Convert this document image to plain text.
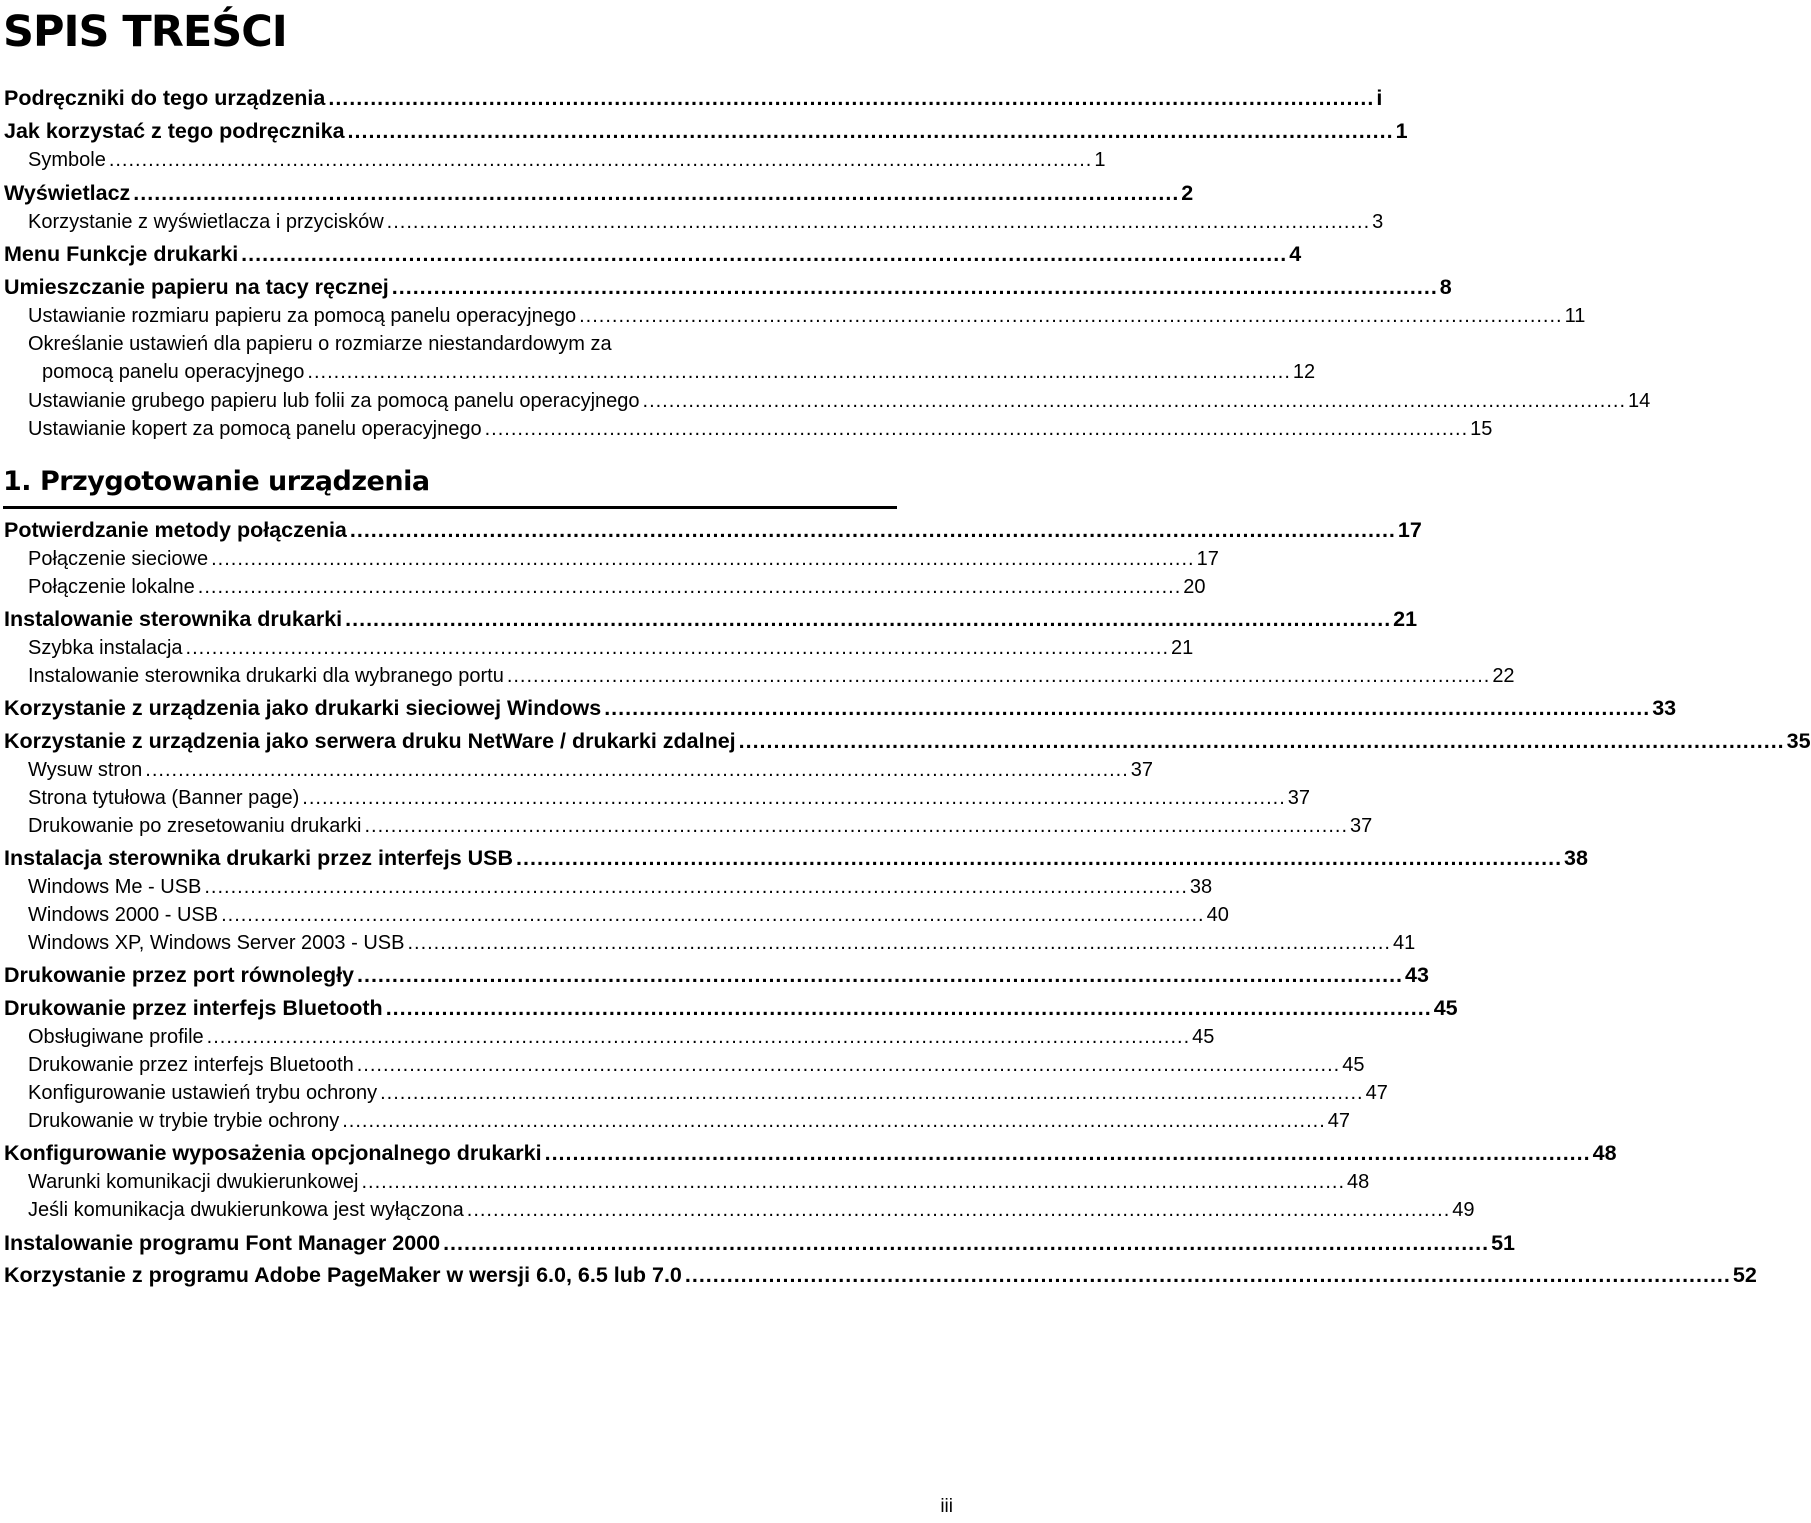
SPIS TREŚCI
Podręczniki do tego urządzenia ...................................................................................................................................................... i
Jak korzystać z tego podręcznika ...................................................................................................................................................... 1
Symbole ...................................................................................................................................................... 1
Wyświetlacz ...................................................................................................................................................... 2
Korzystanie z wyświetlacza i przycisków ...................................................................................................................................................... 3
Menu Funkcje drukarki ...................................................................................................................................................... 4
Umieszczanie papieru na tacy ręcznej ...................................................................................................................................................... 8
Ustawianie rozmiaru papieru za pomocą panelu operacyjnego ...................................................................................................................................................... 11
Określanie ustawień dla papieru o rozmiarze niestandardowym za
pomocą panelu operacyjnego ...................................................................................................................................................... 12
Ustawianie grubego papieru lub folii za pomocą panelu operacyjnego ...................................................................................................................................................... 14
Ustawianie kopert za pomocą panelu operacyjnego ...................................................................................................................................................... 15
1. Przygotowanie urządzenia
Potwierdzanie metody połączenia ...................................................................................................................................................... 17
Połączenie sieciowe ...................................................................................................................................................... 17
Połączenie lokalne ...................................................................................................................................................... 20
Instalowanie sterownika drukarki ...................................................................................................................................................... 21
Szybka instalacja ...................................................................................................................................................... 21
Instalowanie sterownika drukarki dla wybranego portu ...................................................................................................................................................... 22
Korzystanie z urządzenia jako drukarki sieciowej Windows ...................................................................................................................................................... 33
Korzystanie z urządzenia jako serwera druku NetWare / drukarki zdalnej ...................................................................................................................................................... 35
Wysuw stron ...................................................................................................................................................... 37
Strona tytułowa (Banner page) ...................................................................................................................................................... 37
Drukowanie po zresetowaniu drukarki ...................................................................................................................................................... 37
Instalacja sterownika drukarki przez interfejs USB ...................................................................................................................................................... 38
Windows Me - USB ...................................................................................................................................................... 38
Windows 2000 - USB ...................................................................................................................................................... 40
Windows XP, Windows Server 2003 - USB ...................................................................................................................................................... 41
Drukowanie przez port równoległy ...................................................................................................................................................... 43
Drukowanie przez interfejs Bluetooth ...................................................................................................................................................... 45
Obsługiwane profile ...................................................................................................................................................... 45
Drukowanie przez interfejs Bluetooth ...................................................................................................................................................... 45
Konfigurowanie ustawień trybu ochrony ...................................................................................................................................................... 47
Drukowanie w trybie trybie ochrony ...................................................................................................................................................... 47
Konfigurowanie wyposażenia opcjonalnego drukarki ...................................................................................................................................................... 48
Warunki komunikacji dwukierunkowej ...................................................................................................................................................... 48
Jeśli komunikacja dwukierunkowa jest wyłączona ...................................................................................................................................................... 49
Instalowanie programu Font Manager 2000 ...................................................................................................................................................... 51
Korzystanie z programu Adobe PageMaker w wersji 6.0, 6.5 lub 7.0 ...................................................................................................................................................... 52
iii
